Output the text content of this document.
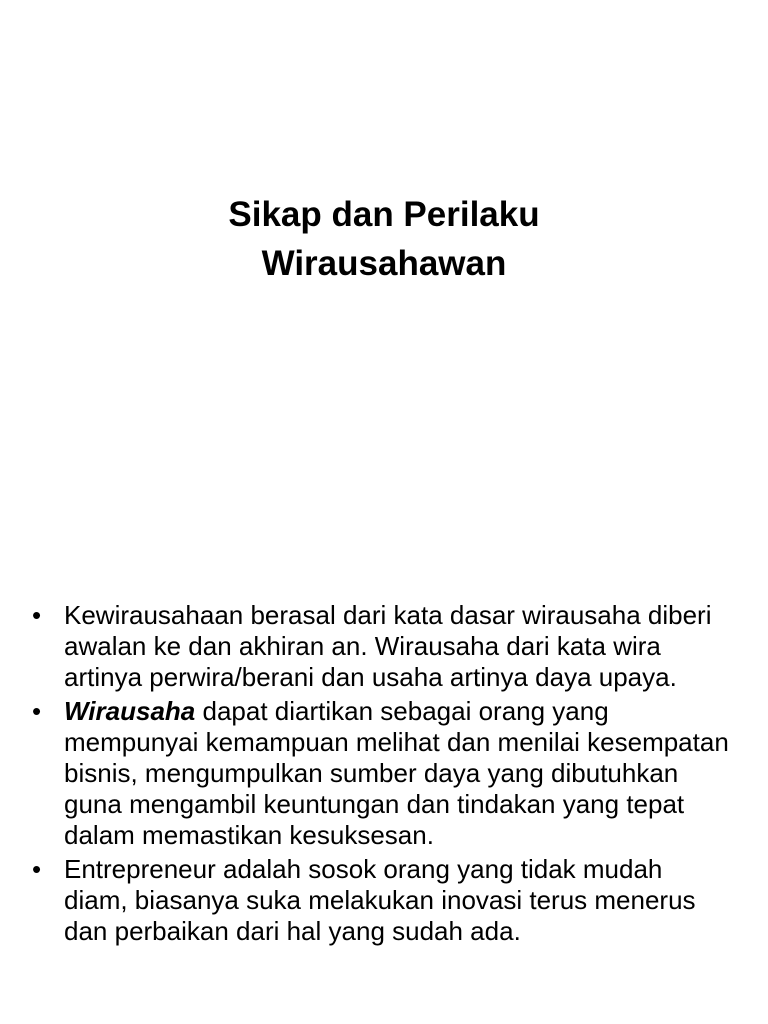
Sikap dan Perilaku
Wirausahawan
• Kewirausahaan berasal dari kata dasar wirausaha diberi awalan ke dan akhiran an. Wirausaha dari kata wira artinya perwira/berani dan usaha artinya daya upaya.
• Wirausaha dapat diartikan sebagai orang yang mempunyai kemampuan melihat dan menilai kesempatan bisnis, mengumpulkan sumber daya yang dibutuhkan guna mengambil keuntungan dan tindakan yang tepat dalam memastikan kesuksesan.
• Entrepreneur adalah sosok orang yang tidak mudah diam, biasanya suka melakukan inovasi terus menerus dan perbaikan dari hal yang sudah ada.
